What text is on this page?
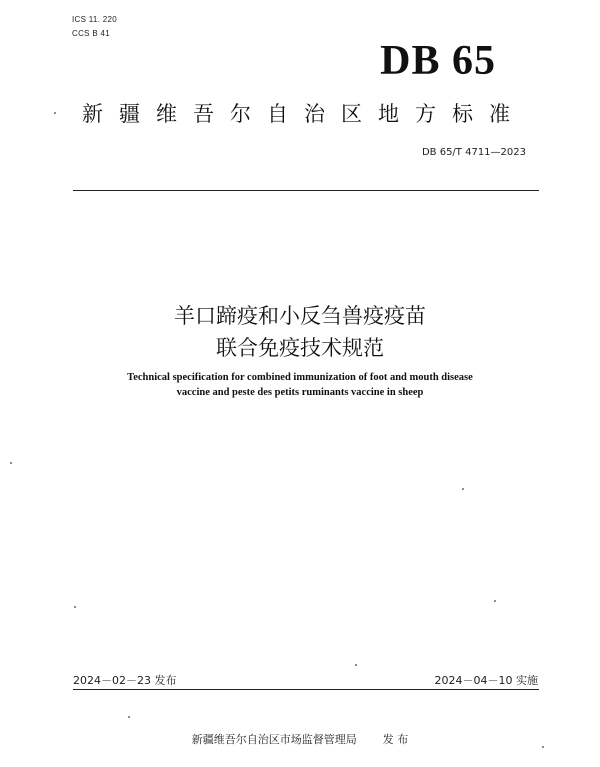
ICS 11. 220
CCS B 41
DB 65
新疆维吾尔自治区地方标准
DB 65/T 4711—2023
羊口蹄疫和小反刍兽疫疫苗
联合免疫技术规范
Technical specification for combined immunization of foot and mouth disease
vaccine and peste des petits ruminants vaccine in sheep
2024－02－23 发布	2024－04－10 实施
新疆维吾尔自治区市场监督管理局 发 布
